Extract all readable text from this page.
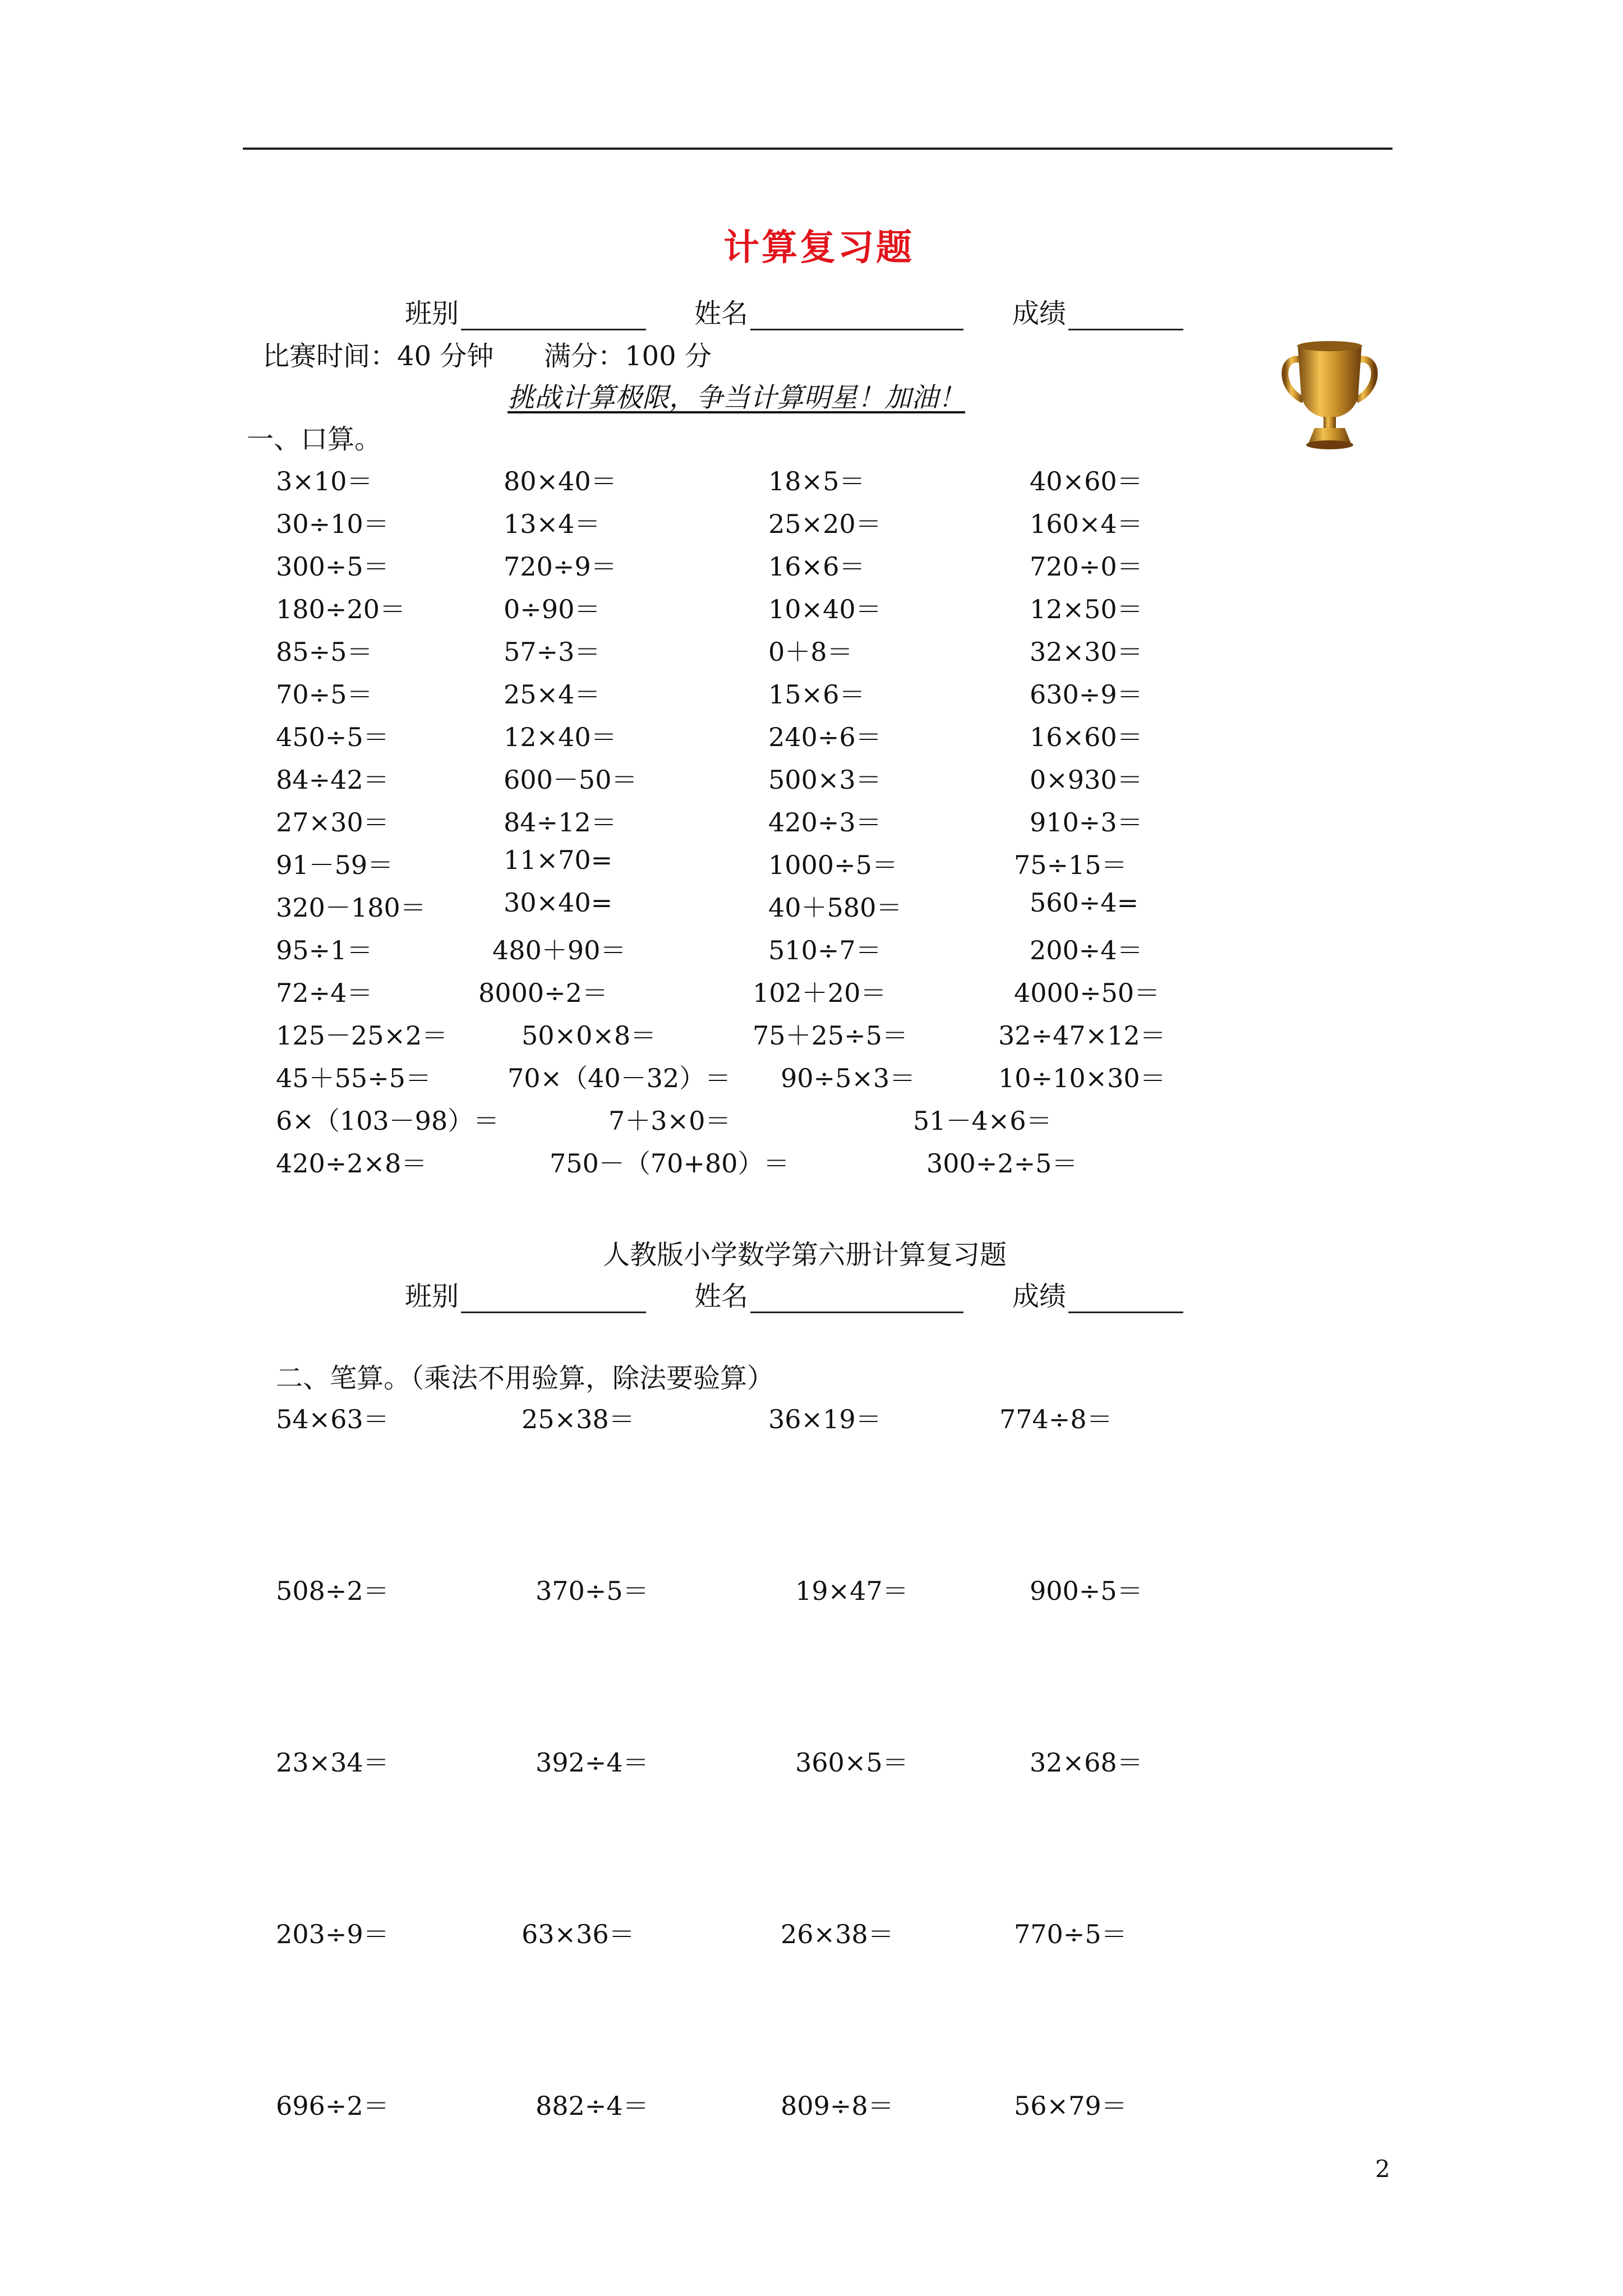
计算复习题
班别	姓名	成绩
比赛时间：40 分钟 满分：100 分
挑战计算极限，争当计算明星！加油！
一、口算。
3×10＝	80×40＝	18×5＝	40×60＝
30÷10＝	13×4＝	25×20＝	160×4＝
300÷5＝	720÷9＝	16×6＝	720÷0＝
180÷20＝	0÷90＝	10×40＝	12×50＝
85÷5＝	57÷3＝	0＋8＝	32×30＝
70÷5＝	25×4＝	15×6＝	630÷9＝
450÷5＝	12×40＝	240÷6＝	16×60＝
84÷42＝	600－50＝	500×3＝	0×930＝
27×30＝	84÷12＝	420÷3＝	910÷3＝
91－59＝	11×70=	1000÷5＝	75÷15＝
320－180＝	30×40=	40＋580＝	560÷4=
95÷1＝	480＋90＝	510÷7＝	200÷4＝
72÷4＝	8000÷2＝	102＋20＝	4000÷50＝
125－25×2＝	50×0×8＝	75＋25÷5＝	32÷47×12＝
45＋55÷5＝	70×（40－32）＝ 90÷5×3＝	10÷10×30＝
6×（103－98）＝	7＋3×0＝	51－4×6＝
420÷2×8＝	750－（70+80）＝	300÷2÷5＝
人教版小学数学第六册计算复习题
班别	姓名	成绩
二、笔算。（乘法不用验算，除法要验算）
54×63＝	25×38＝	36×19＝	774÷8＝
508÷2＝	370÷5＝	19×47＝	900÷5＝
23×34＝	392÷4＝	360×5＝	32×68＝
203÷9＝	63×36＝	26×38＝	770÷5＝
696÷2＝	882÷4＝	809÷8＝	56×79＝
2
